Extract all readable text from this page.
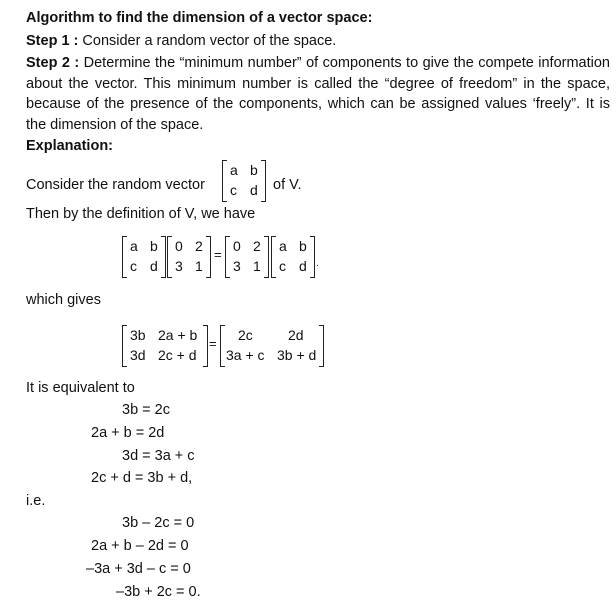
Algorithm to find the dimension of a vector space:
Step 1 : Consider a random vector of the space.
Step 2 : Determine the “minimum number” of components to give the compete information about the vector. This minimum number is called the “degree of freedom” in the space, because of the presence of the components, which can be assigned values ‘freely”. It is the dimension of the space.
Explanation:
Consider the random vector
a b
c d of V.
Then by the definition of V, we have
a b
c d
0 2
3 1
=
0 2
3 1
a b
c d .
which gives
3b 2a + b
3d 2c + d
=
2c	2d
3a + c 3b + d
It is equivalent to
3b = 2c
2a + b = 2d
3d = 3a + c
2c + d = 3b + d,
i.e.
3b – 2c = 0
2a + b – 2d = 0
–3a + 3d – c = 0
–3b + 2c = 0.
